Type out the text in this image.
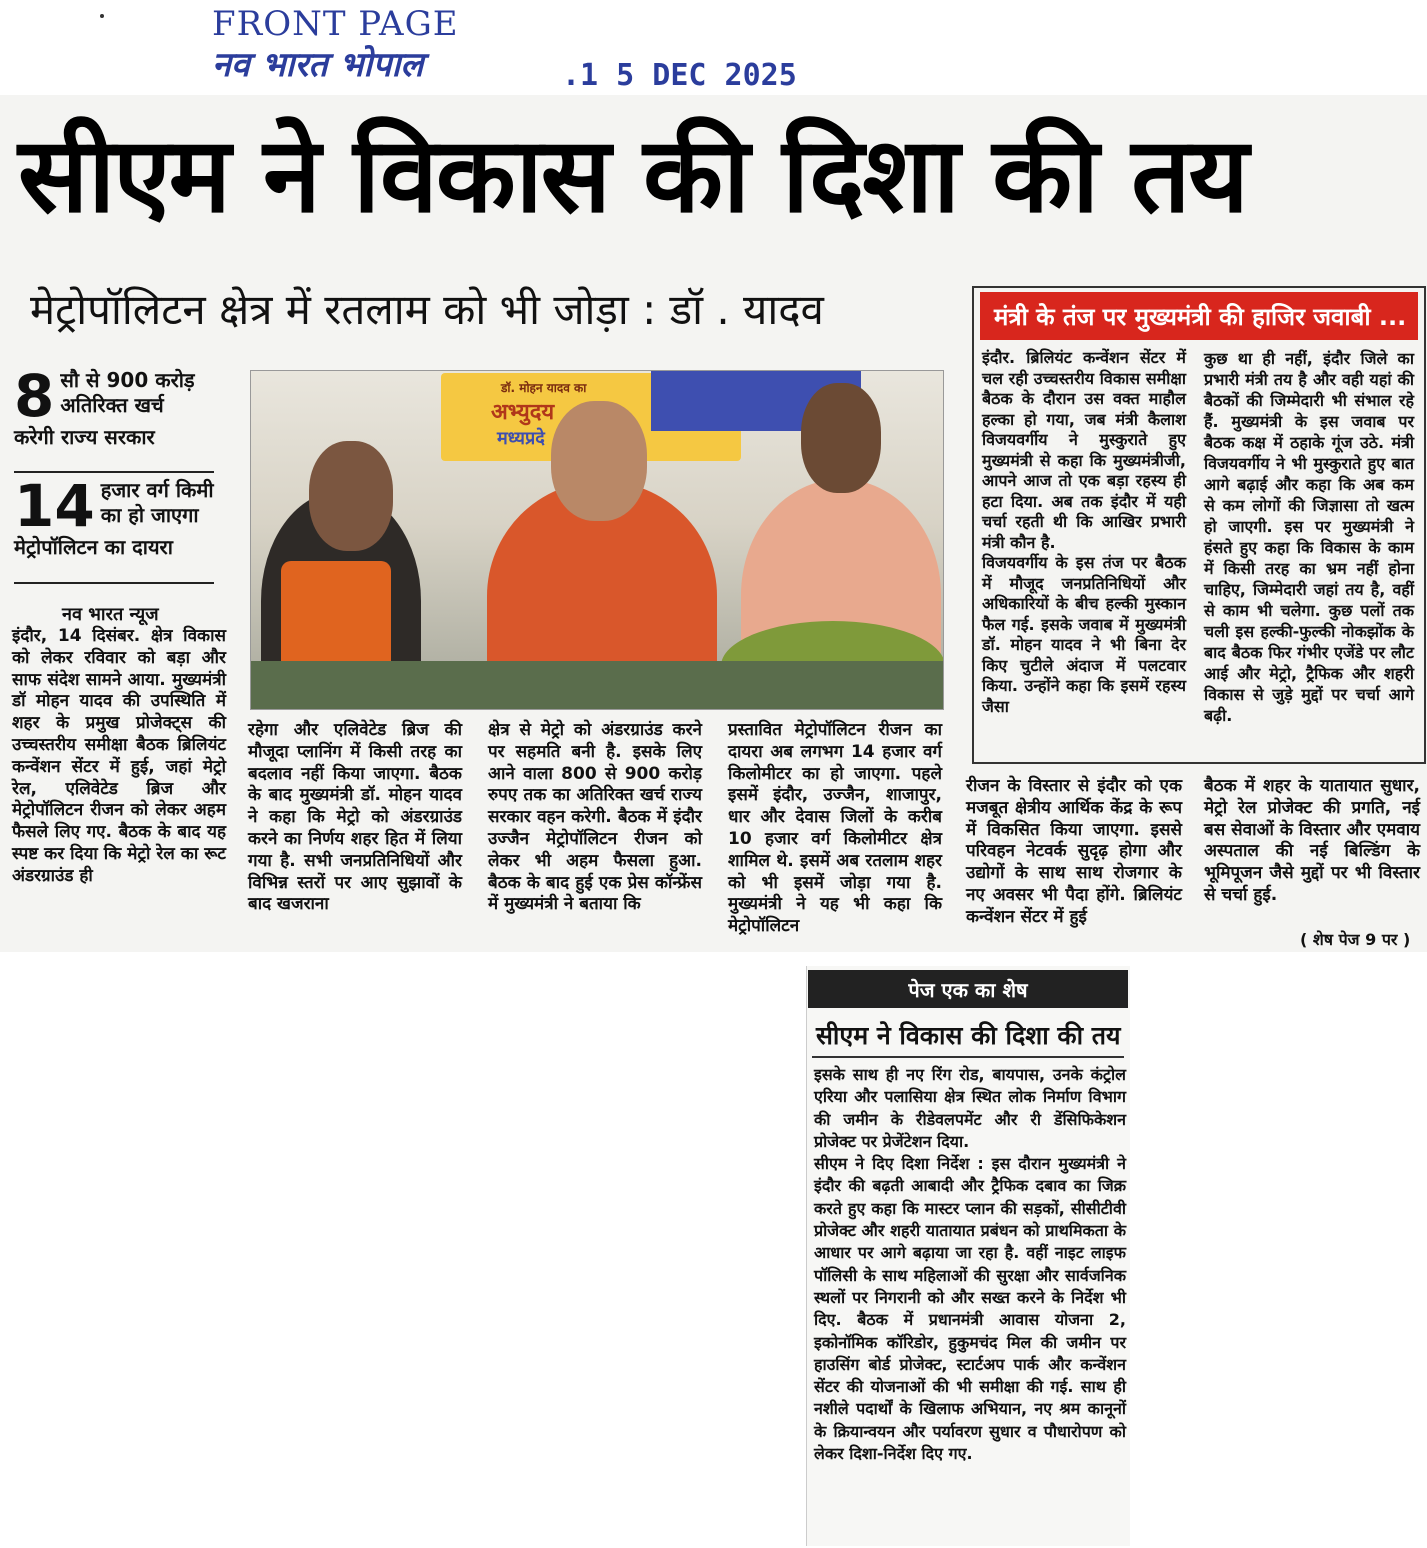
FRONT PAGE
नव भारत भोपाल	.1 5 DEC 2025
सीएम ने विकास की दिशा की तय
मेट्रोपॉलिटन क्षेत्र में रतलाम को भी जोड़ा : डॉ . यादव
8 सौ से 900 करोड़
अतिरिक्त खर्च
करेगी राज्य सरकार
14 हजार वर्ग किमी
का हो जाएगा
मेट्रोपॉलिटन का दायरा
नव भारत न्यूज
इंदौर, 14 दिसंबर. क्षेत्र विकास को लेकर रविवार को बड़ा और साफ संदेश सामने आया. मुख्यमंत्री डॉ मोहन यादव की उपस्थिति में शहर के प्रमुख प्रोजेक्ट्स की उच्चस्तरीय समीक्षा बैठक ब्रिलियंट कन्वेंशन सेंटर में हुई, जहां मेट्रो रेल, एलिवेटेड ब्रिज और मेट्रोपॉलिटन रीजन को लेकर अहम फैसले लिए गए. बैठक के बाद यह स्पष्ट कर दिया कि मेट्रो रेल का रूट अंडरग्राउंड ही
डॉ. मोहन यादव का
अभ्युदय
मध्यप्रदे
रहेगा और एलिवेटेड ब्रिज की मौजूदा प्लानिंग में किसी तरह का बदलाव नहीं किया जाएगा. बैठक के बाद मुख्यमंत्री डॉ. मोहन यादव ने कहा कि मेट्रो को अंडरग्राउंड करने का निर्णय शहर हित में लिया गया है. सभी जनप्रतिनिधियों और विभिन्न स्तरों पर आए सुझावों के बाद खजराना
क्षेत्र से मेट्रो को अंडरग्राउंड करने पर सहमति बनी है. इसके लिए आने वाला 800 से 900 करोड़ रुपए तक का अतिरिक्त खर्च राज्य सरकार वहन करेगी. बैठक में इंदौर उज्जैन मेट्रोपॉलिटन रीजन को लेकर भी अहम फैसला हुआ. बैठक के बाद हुई एक प्रेस कॉन्फ्रेंस में मुख्यमंत्री ने बताया कि
प्रस्तावित मेट्रोपॉलिटन रीजन का दायरा अब लगभग 14 हजार वर्ग किलोमीटर का हो जाएगा. पहले इसमें इंदौर, उज्जैन, शाजापुर, धार और देवास जिलों के करीब 10 हजार वर्ग किलोमीटर क्षेत्र शामिल थे. इसमें अब रतलाम शहर को भी इसमें जोड़ा गया है. मुख्यमंत्री ने यह भी कहा कि मेट्रोपॉलिटन
रीजन के विस्तार से इंदौर को एक मजबूत क्षेत्रीय आर्थिक केंद्र के रूप में विकसित किया जाएगा. इससे परिवहन नेटवर्क सुदृढ़ होगा और उद्योगों के साथ साथ रोजगार के नए अवसर भी पैदा होंगे. ब्रिलियंट कन्वेंशन सेंटर में हुई
बैठक में शहर के यातायात सुधार, मेट्रो रेल प्रोजेक्ट की प्रगति, नई बस सेवाओं के विस्तार और एमवाय अस्पताल की नई बिल्डिंग के भूमिपूजन जैसे मुद्दों पर भी विस्तार से चर्चा हुई.
( शेष पेज 9 पर )
मंत्री के तंज पर मुख्यमंत्री की हाजिर जवाबी ...
इंदौर. ब्रिलियंट कन्वेंशन सेंटर में चल रही उच्चस्तरीय विकास समीक्षा बैठक के दौरान उस वक्त माहौल हल्का हो गया, जब मंत्री कैलाश विजयवर्गीय ने मुस्कुराते हुए मुख्यमंत्री से कहा कि मुख्यमंत्रीजी, आपने आज तो एक बड़ा रहस्य ही हटा दिया. अब तक इंदौर में यही चर्चा रहती थी कि आखिर प्रभारी मंत्री कौन है.
विजयवर्गीय के इस तंज पर बैठक में मौजूद जनप्रतिनिधियों और अधिकारियों के बीच हल्की मुस्कान फैल गई. इसके जवाब में मुख्यमंत्री डॉ. मोहन यादव ने भी बिना देर किए चुटीले अंदाज में पलटवार किया. उन्होंने कहा कि इसमें रहस्य जैसा
कुछ था ही नहीं, इंदौर जिले का प्रभारी मंत्री तय है और वही यहां की बैठकों की जिम्मेदारी भी संभाल रहे हैं. मुख्यमंत्री के इस जवाब पर बैठक कक्ष में ठहाके गूंज उठे. मंत्री विजयवर्गीय ने भी मुस्कुराते हुए बात आगे बढ़ाई और कहा कि अब कम से कम लोगों की जिज्ञासा तो खत्म हो जाएगी. इस पर मुख्यमंत्री ने हंसते हुए कहा कि विकास के काम में किसी तरह का भ्रम नहीं होना चाहिए, जिम्मेदारी जहां तय है, वहीं से काम भी चलेगा. कुछ पलों तक चली इस हल्की-फुल्की नोकझोंक के बाद बैठक फिर गंभीर एजेंडे पर लौट आई और मेट्रो, ट्रैफिक और शहरी विकास से जुड़े मुद्दों पर चर्चा आगे बढ़ी.
पेज एक का शेष
सीएम ने विकास की दिशा की तय
इसके साथ ही नए रिंग रोड, बायपास, उनके कंट्रोल एरिया और पलासिया क्षेत्र स्थित लोक निर्माण विभाग की जमीन के रीडेवलपमेंट और री डेंसिफिकेशन प्रोजेक्ट पर प्रेजेंटेशन दिया.
सीएम ने दिए दिशा निर्देश : इस दौरान मुख्यमंत्री ने इंदौर की बढ़ती आबादी और ट्रैफिक दबाव का जिक्र करते हुए कहा कि मास्टर प्लान की सड़कों, सीसीटीवी प्रोजेक्ट और शहरी यातायात प्रबंधन को प्राथमिकता के आधार पर आगे बढ़ाया जा रहा है. वहीं नाइट लाइफ पॉलिसी के साथ महिलाओं की सुरक्षा और सार्वजनिक स्थलों पर निगरानी को और सख्त करने के निर्देश भी दिए. बैठक में प्रधानमंत्री आवास योजना 2, इकोनॉमिक कॉरिडोर, हुकुमचंद मिल की जमीन पर हाउसिंग बोर्ड प्रोजेक्ट, स्टार्टअप पार्क और कन्वेंशन सेंटर की योजनाओं की भी समीक्षा की गई. साथ ही नशीले पदार्थों के खिलाफ अभियान, नए श्रम कानूनों के क्रियान्वयन और पर्यावरण सुधार व पौधारोपण को लेकर दिशा-निर्देश दिए गए.
